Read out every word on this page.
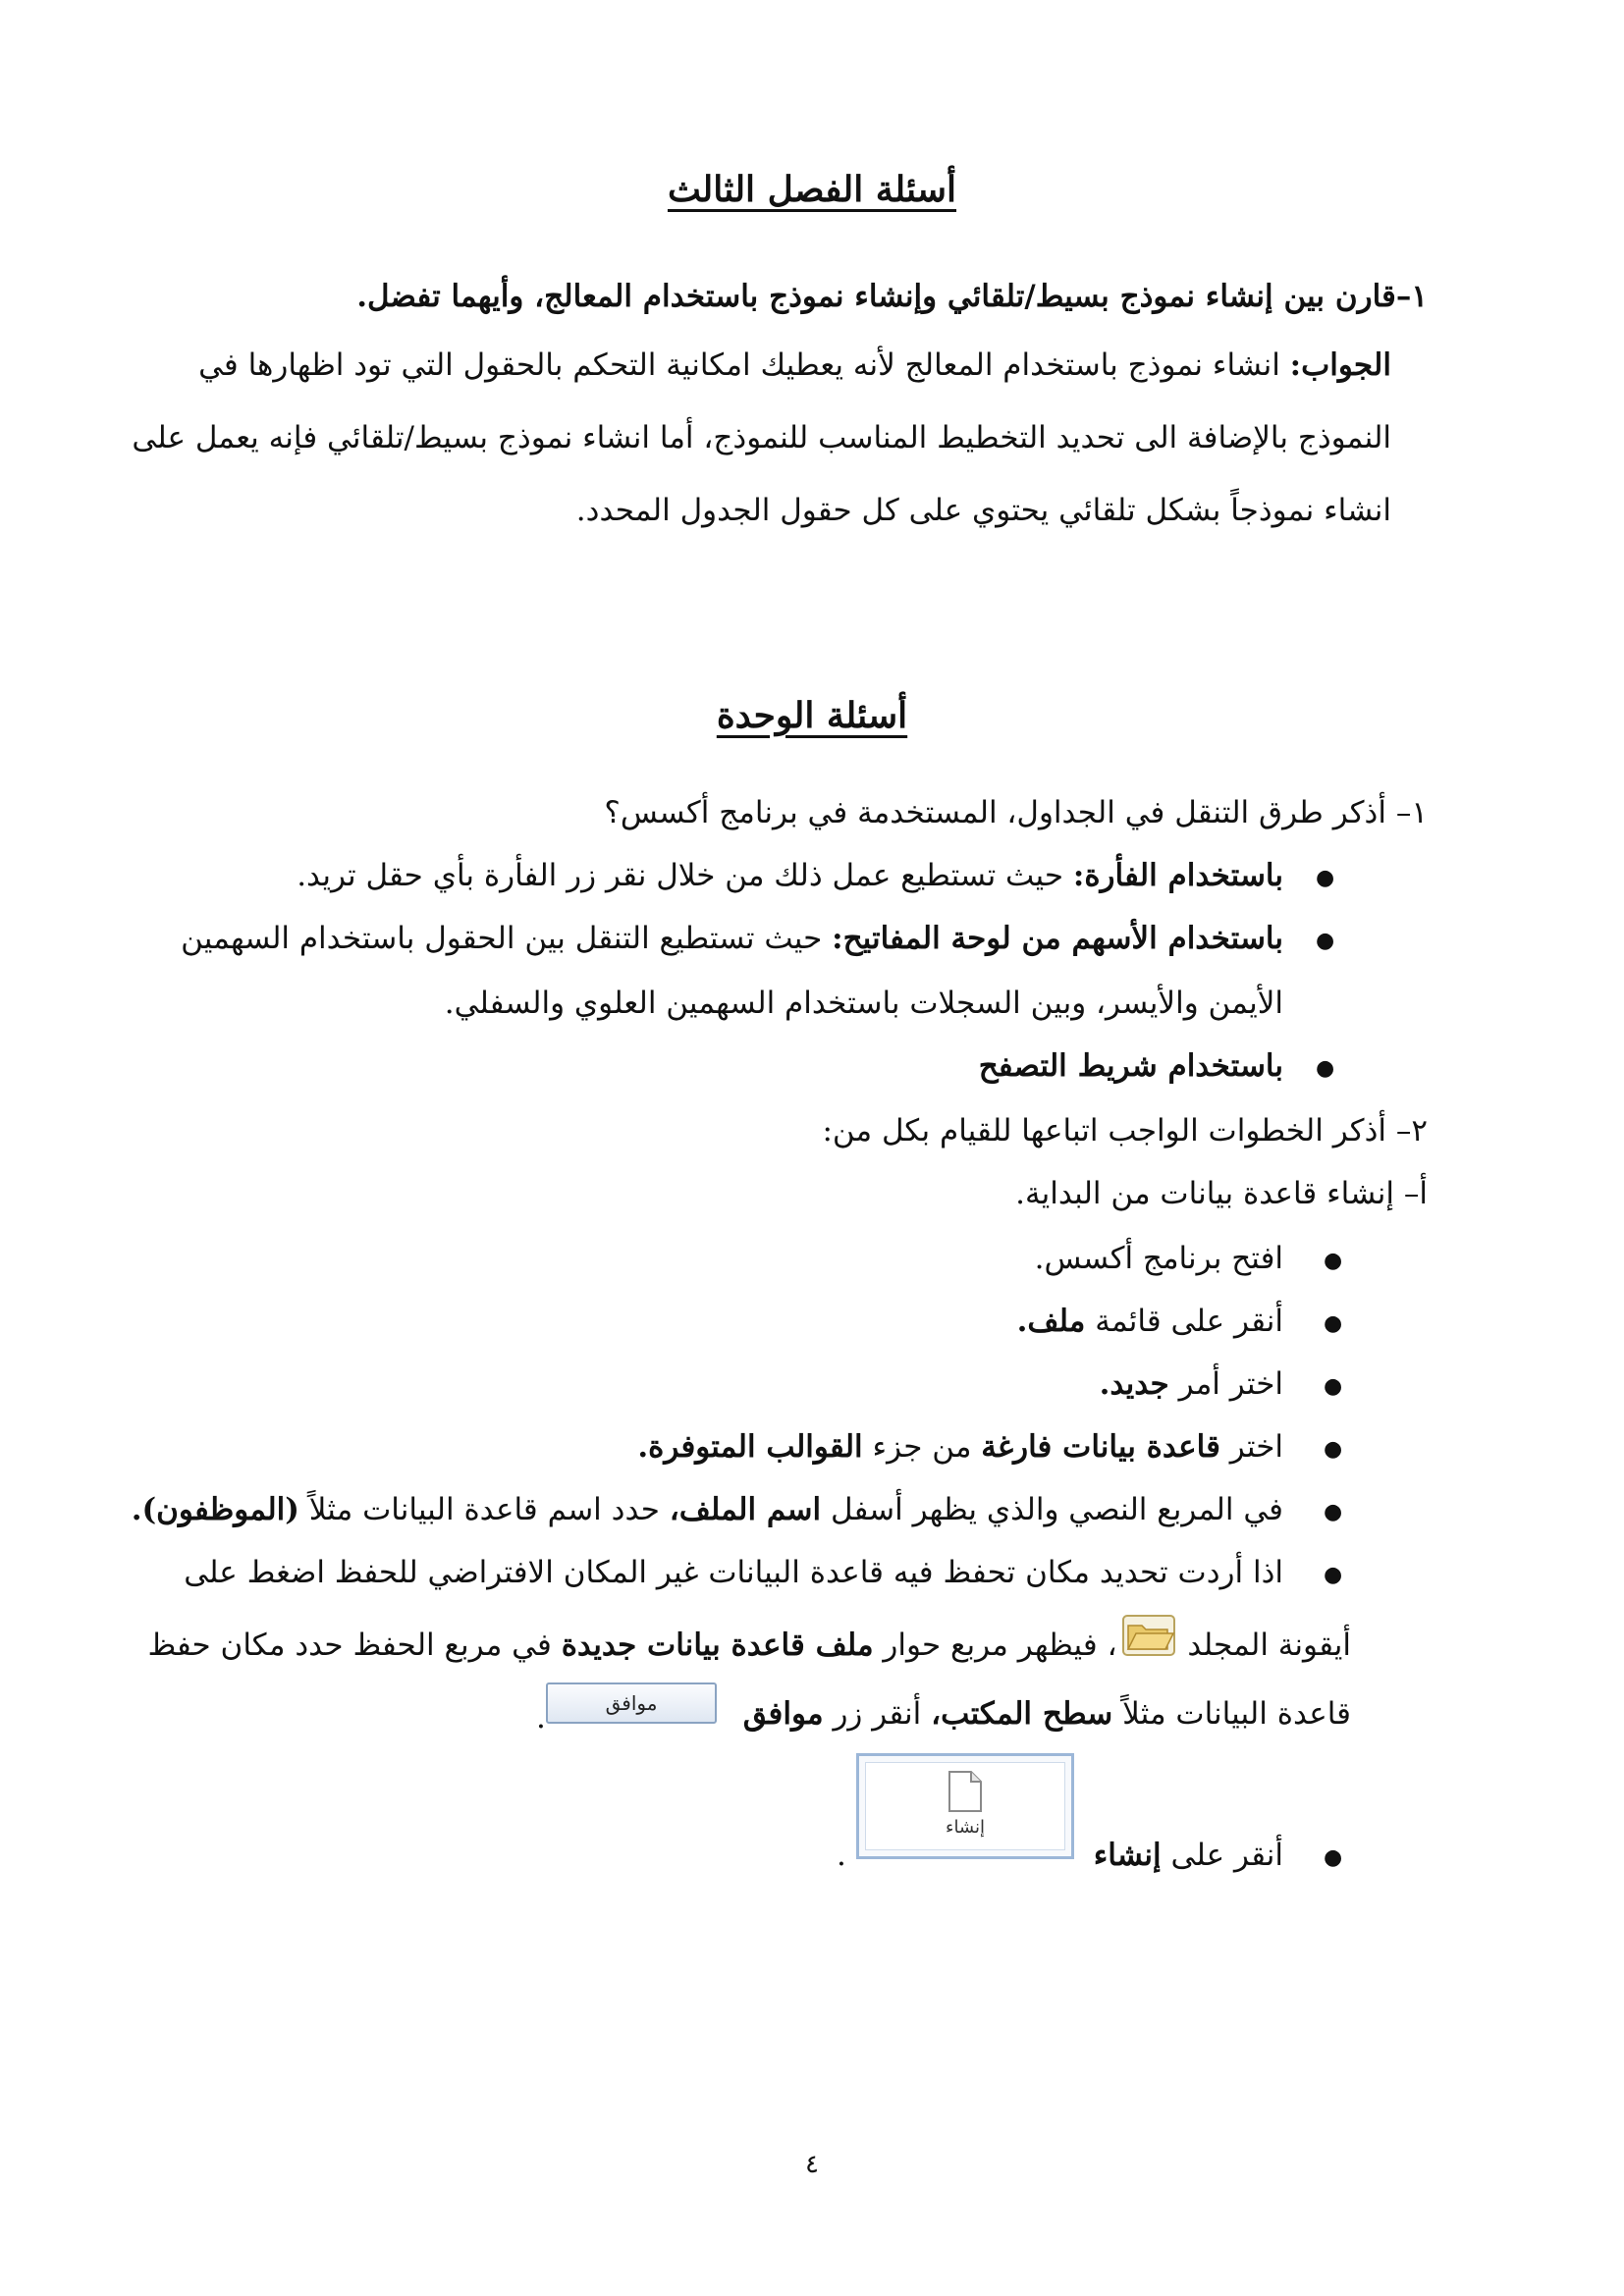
أسئلة الفصل الثالث
١–قارن بين إنشاء نموذج بسيط/تلقائي وإنشاء نموذج باستخدام المعالج، وأيهما تفضل.
الجواب: انشاء نموذج باستخدام المعالج لأنه يعطيك امكانية التحكم بالحقول التي تود اظهارها في
النموذج بالإضافة الى تحديد التخطيط المناسب للنموذج، أما انشاء نموذج بسيط/تلقائي فإنه يعمل على
انشاء نموذجاً بشكل تلقائي يحتوي على كل حقول الجدول المحدد.
أسئلة الوحدة
١– أذكر طرق التنقل في الجداول، المستخدمة في برنامج أكسس؟
●
باستخدام الفأرة: حيث تستطيع عمل ذلك من خلال نقر زر الفأرة بأي حقل تريد.
●
باستخدام الأسهم من لوحة المفاتيح: حيث تستطيع التنقل بين الحقول باستخدام السهمين
الأيمن والأيسر، وبين السجلات باستخدام السهمين العلوي والسفلي.
●
باستخدام شريط التصفح
٢– أذكر الخطوات الواجب اتباعها للقيام بكل من:
أ– إنشاء قاعدة بيانات من البداية.
●
افتح برنامج أكسس.
●
أنقر على قائمة ملف.
●
اختر أمر جديد.
●
اختر قاعدة بيانات فارغة من جزء القوالب المتوفرة.
●
في المربع النصي والذي يظهر أسفل اسم الملف، حدد اسم قاعدة البيانات مثلاً (الموظفون).
●
اذا أردت تحديد مكان تحفظ فيه قاعدة البيانات غير المكان الافتراضي للحفظ اضغط على
أيقونة المجلد ، فيظهر مربع حوار ملف قاعدة بيانات جديدة في مربع الحفظ حدد مكان حفظ
قاعدة البيانات مثلاً سطح المكتب، أنقر زر موافق
موافق
.
●
أنقر على إنشاء
إنشاء
.
٤
